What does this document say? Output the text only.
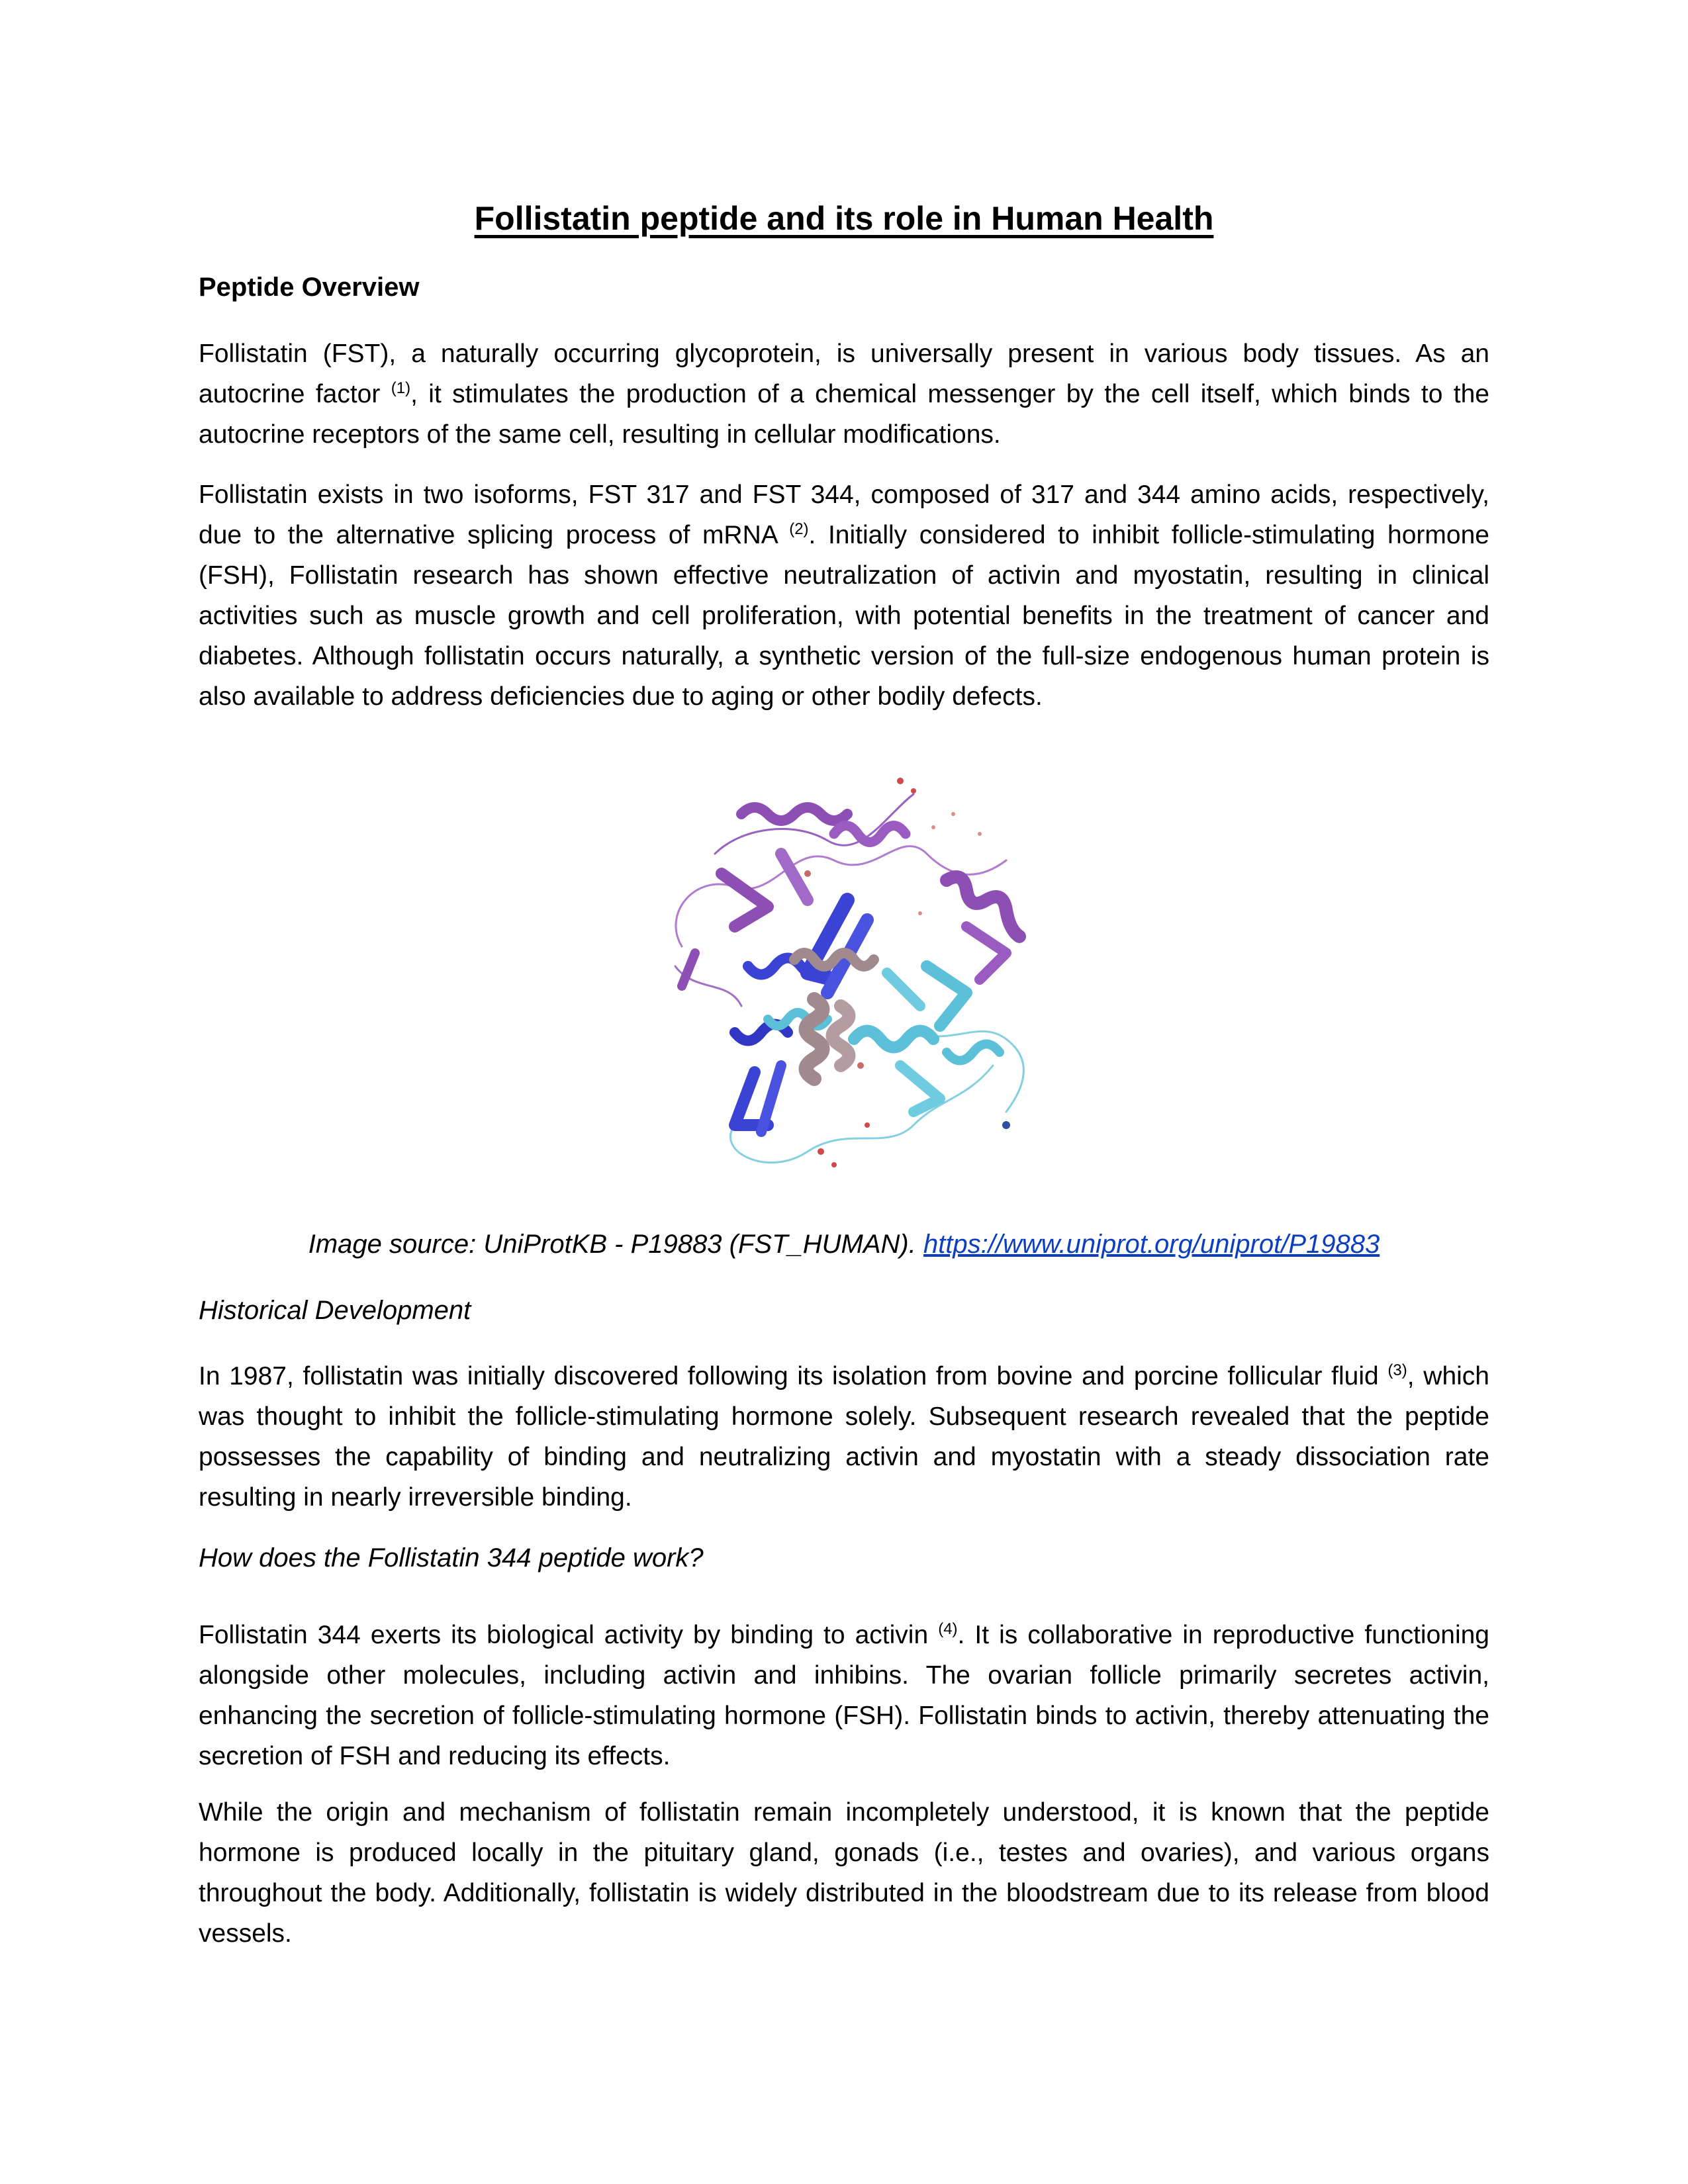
Follistatin peptide and its role in Human Health
Peptide Overview

Follistatin (FST), a naturally occurring glycoprotein, is universally present in various body tissues. As an autocrine factor $^{(1)}$, it stimulates the production of a chemical messenger by the cell itself, which binds to the autocrine receptors of the same cell, resulting in cellular modifications.

Follistatin exists in two isoforms, FST 317 and FST 344, composed of 317 and 344 amino acids, respectively, due to the alternative splicing process of mRNA $^{(2)}$. Initially considered to inhibit follicle-stimulating hormone (FSH), Follistatin research has shown effective neutralization of activin and myostatin, resulting in clinical activities such as muscle growth and cell proliferation, with potential benefits in the treatment of cancer and diabetes. Although follistatin occurs naturally, a synthetic version of the full-size endogenous human protein is also available to address deficiencies due to aging or other bodily defects.

Image source: UniProtKB - P19883 (FST_HUMAN). https://www.uniprot.org/uniprot/P19883
Historical Development

In 1987, follistatin was initially discovered following its isolation from bovine and porcine follicular fluid $^{(3)}$, which was thought to inhibit the follicle-stimulating hormone solely. Subsequent research revealed that the peptide possesses the capability of binding and neutralizing activin and myostatin with a steady dissociation rate resulting in nearly irreversible binding.

How does the Follistatin 344 peptide work?

Follistatin 344 exerts its biological activity by binding to activin $^{(4)}$. It is collaborative in reproductive functioning alongside other molecules, including activin and inhibins. The ovarian follicle primarily secretes activin, enhancing the secretion of follicle-stimulating hormone (FSH). Follistatin binds to activin, thereby attenuating the secretion of FSH and reducing its effects.

While the origin and mechanism of follistatin remain incompletely understood, it is known that the peptide hormone is produced locally in the pituitary gland, gonads (i.e., testes and ovaries), and various organs throughout the body. Additionally, follistatin is widely distributed in the bloodstream due to its release from blood vessels.
